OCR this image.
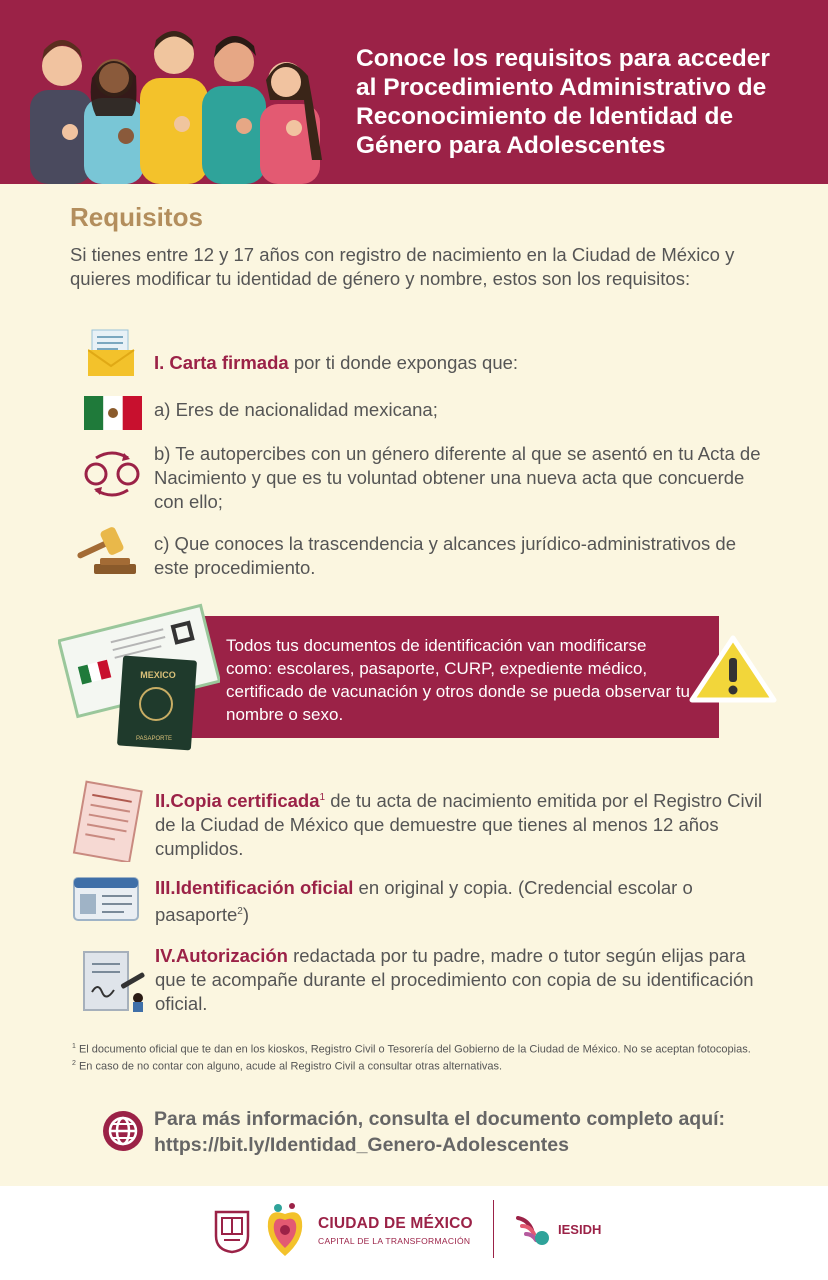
Conoce los requisitos para acceder al Procedimiento Administrativo de Reconocimiento de Identidad de Género para Adolescentes
Requisitos
Si tienes entre 12 y 17 años con registro de nacimiento en la Ciudad de México y quieres modificar tu identidad de género y nombre, estos son los requisitos:
I. Carta firmada por ti donde expongas que:
a) Eres de nacionalidad mexicana;
b) Te autopercibes con un género diferente al que se asentó en tu Acta de Nacimiento y que es tu voluntad obtener una nueva acta que concuerde con ello;
c) Que conoces la trascendencia y alcances jurídico-administrativos de este procedimiento.
MEXICO
PASAPORTE
Todos tus documentos de identificación van modificarse como: escolares, pasaporte, CURP, expediente médico, certificado de vacunación y otros donde se pueda observar tu nombre o sexo.
II.Copia certificada$^1$ de tu acta de nacimiento emitida por el Registro Civil de la Ciudad de México que demuestre que tienes al menos 12 años cumplidos.
III.Identificación oficial en original y copia. (Credencial escolar o pasaporte$^2$)
IV.Autorización redactada por tu padre, madre o tutor según elijas para que te acompañe durante el procedimiento con copia de su identificación oficial.
$^1$ El documento oficial que te dan en los kioskos, Registro Civil o Tesorería del Gobierno de la Ciudad de México. No se aceptan fotocopias.
$^2$ En caso de no contar con alguno, acude al Registro Civil a consultar otras alternativas.
Para más información, consulta el documento completo aquí:
https://bit.ly/Identidad_Genero-Adolescentes
CIUDAD DE MÉXICO
CAPITAL DE LA TRANSFORMACIÓN
IESIDH
